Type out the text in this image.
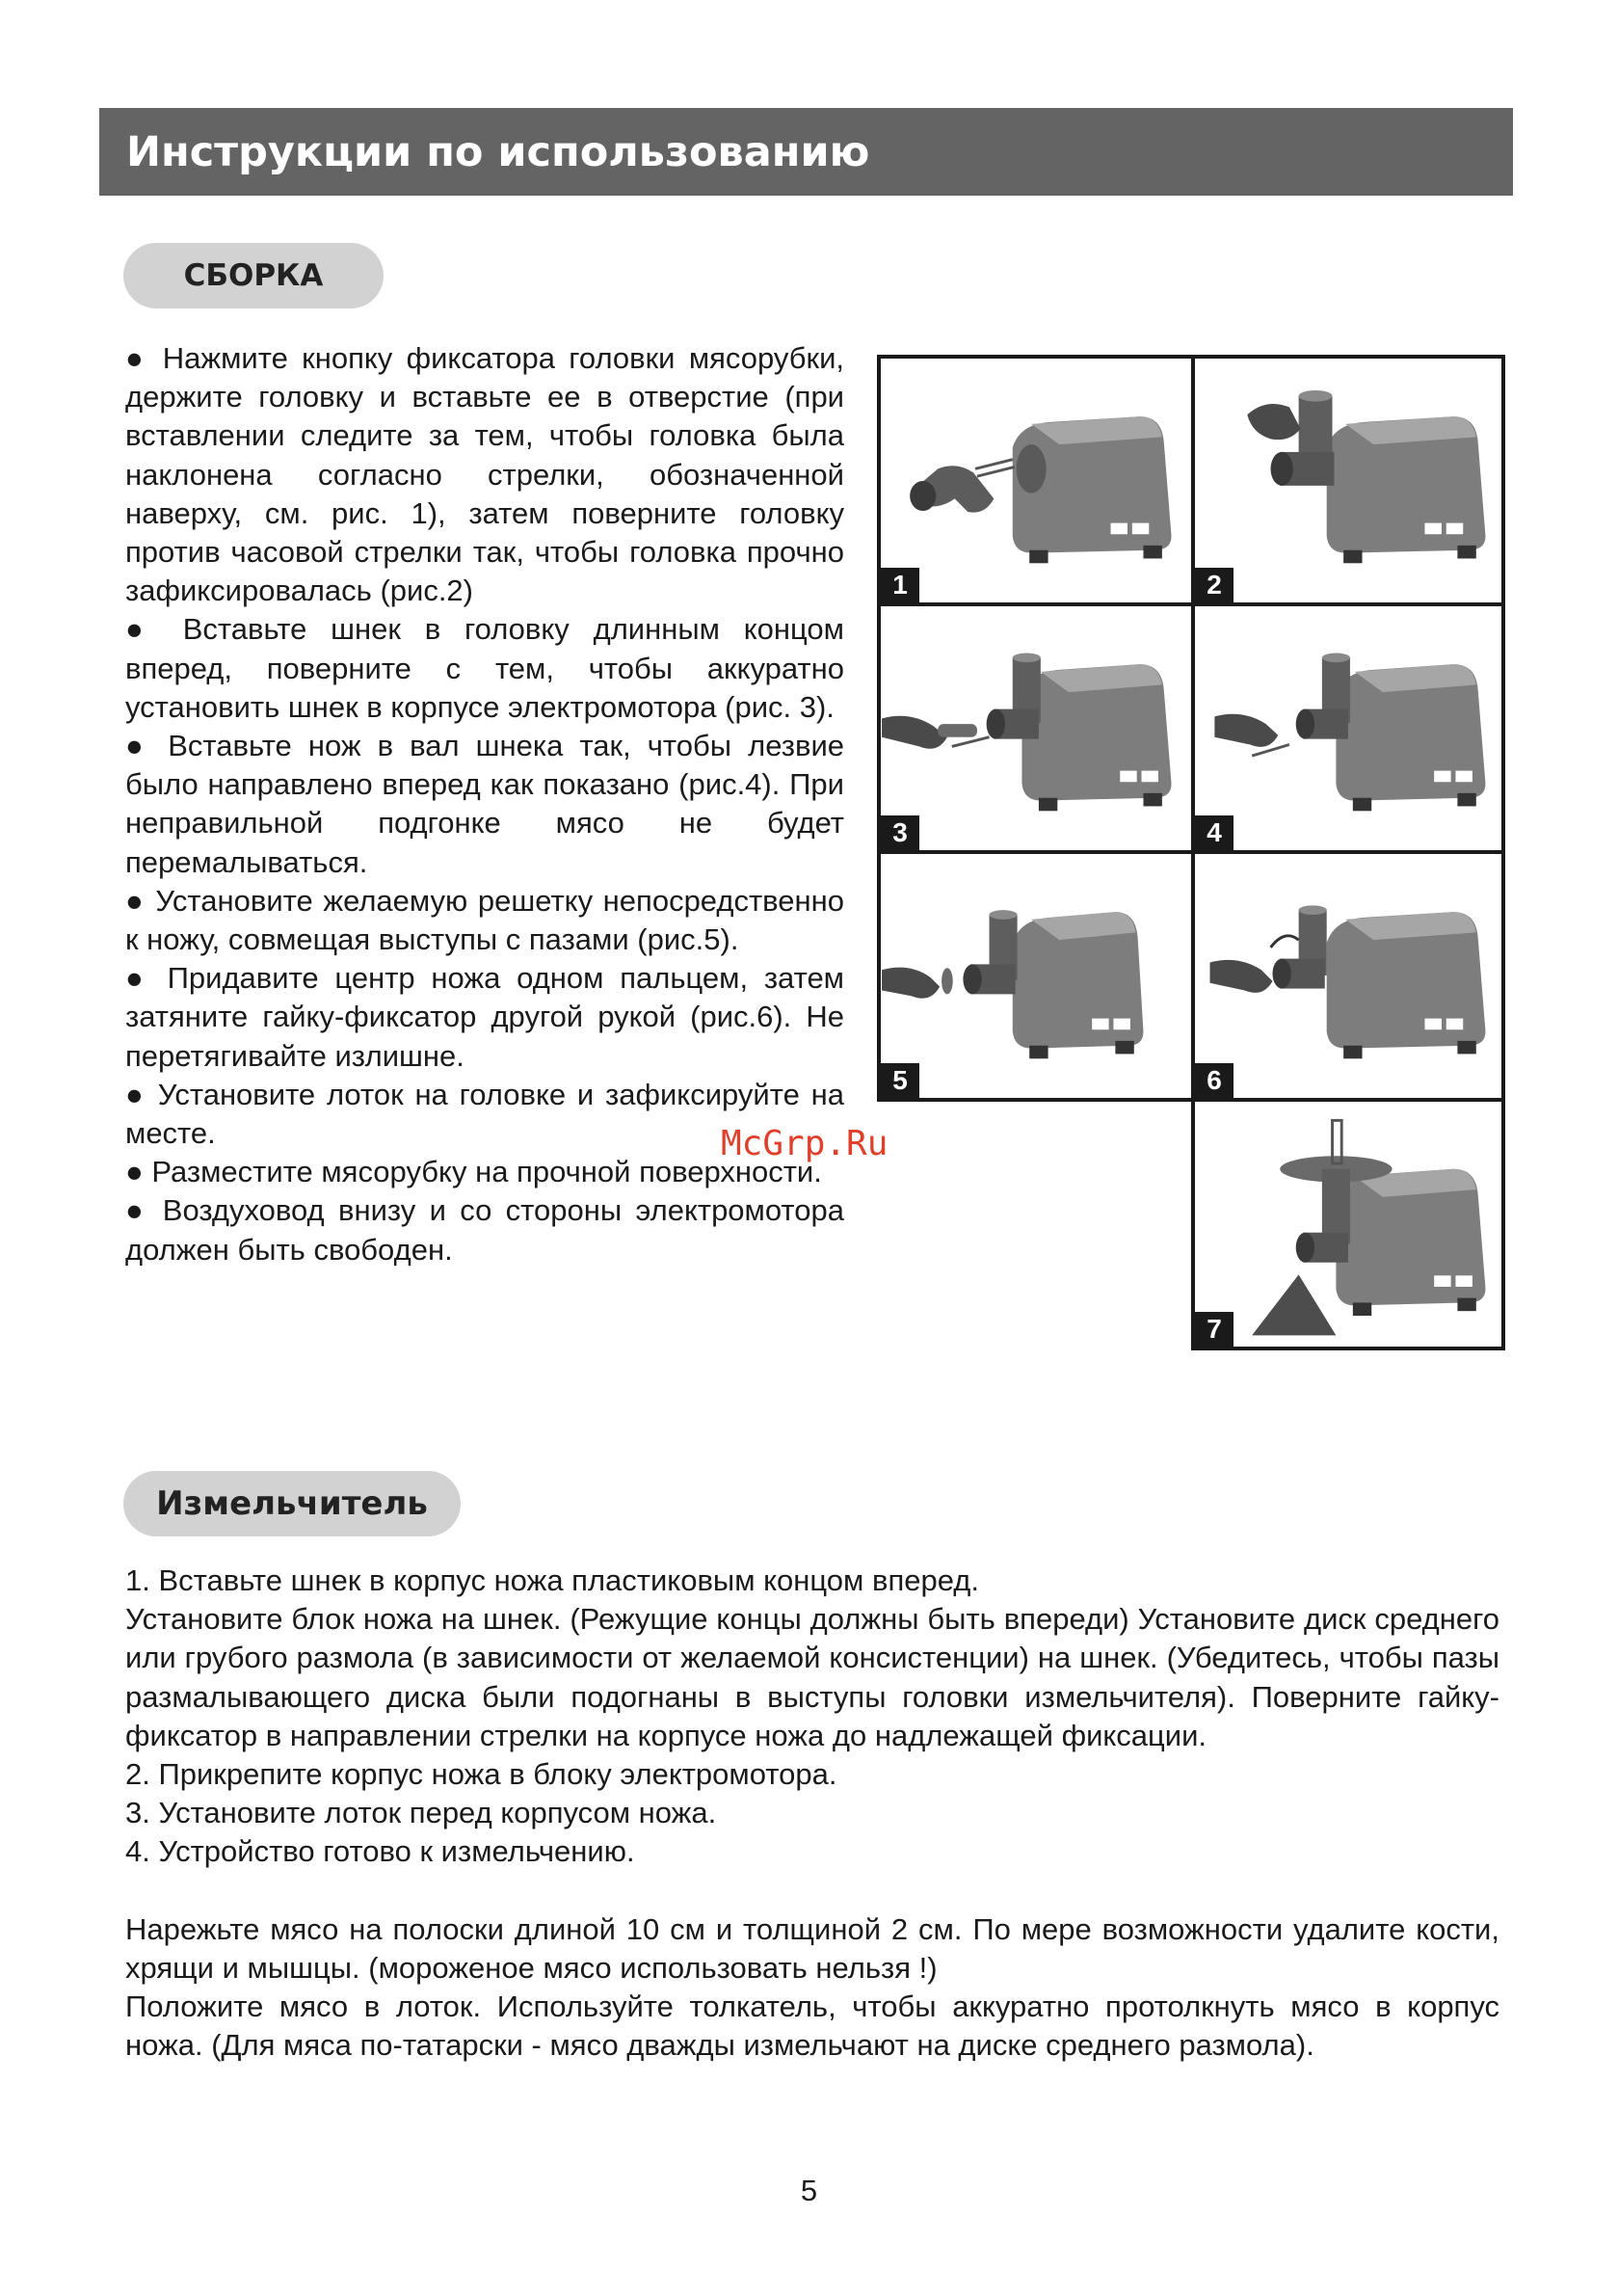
Инструкции по использованию
СБОРКА

● Нажмите кнопку фиксатора головки мясорубки, держите головку и вставьте ее в отверстие (при вставлении следите за тем, чтобы головка была наклонена согласно стрелки, обозначенной наверху, см. рис. 1), затем поверните головку против часовой стрелки так, чтобы головка прочно зафиксировалась (рис.2)

● Вставьте шнек в головку длинным концом вперед, поверните с тем, чтобы аккуратно установить шнек в корпусе электромотора (рис. 3).

● Вставьте нож в вал шнека так, чтобы лезвие было направлено вперед как показано (рис.4). При неправильной подгонке мясо не будет перемалываться.

● Установите желаемую решетку непосредственно к ножу, совмещая выступы с пазами (рис.5).

● Придавите центр ножа одном пальцем, затем затяните гайку-фиксатор другой рукой (рис.6). Не перетягивайте излишне.

● Установите лоток на головке и зафиксируйте на месте.

● Разместите мясорубку на прочной поверхности.

● Воздуховод внизу и со стороны электромотора должен быть свободен.

1	2
3	4
5	6
7
McGrp.Ru
Измельчитель

1. Вставьте шнек в корпус ножа пластиковым концом вперед.

Установите блок ножа на шнек. (Режущие концы должны быть впереди) Установите диск среднего или грубого размола (в зависимости от желаемой консистенции) на шнек. (Убедитесь, чтобы пазы размалывающего диска были подогнаны в выступы головки измельчителя). Поверните гайку-фиксатор в направлении стрелки на корпусе ножа до надлежащей фиксации.

2. Прикрепите корпус ножа в блоку электромотора.

3. Установите лоток перед корпусом ножа.

4. Устройство готово к измельчению.

Нарежьте мясо на полоски длиной 10 см и толщиной 2 см. По мере возможности удалите кости, хрящи и мышцы. (мороженое мясо использовать нельзя !)

Положите мясо в лоток. Используйте толкатель, чтобы аккуратно протолкнуть мясо в корпус ножа. (Для мяса по-татарски - мясо дважды измельчают на диске среднего размола).

5
